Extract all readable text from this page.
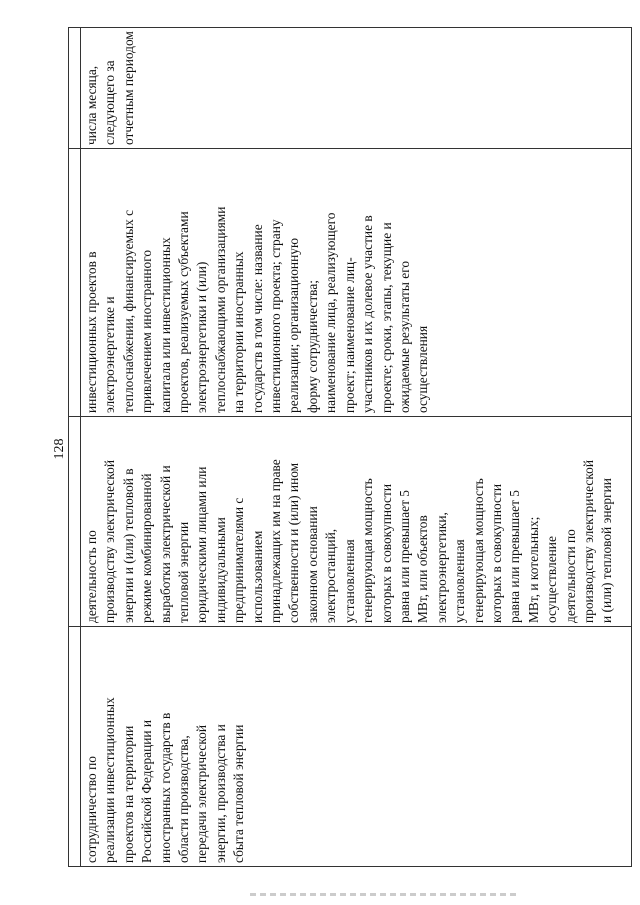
128
сотрудничество по
реализации инвестиционных
проектов на территории
Российской Федерации и
иностранных государств в
области производства,
передачи электрической
энергии, производства и
сбыта тепловой энергии
деятельность по
производству электрической
энергии и (или) тепловой в
режиме комбинированной
выработки электрической и
тепловой энергии
юридическими лицами или
индивидуальными
предпринимателями с
использованием
принадлежащих им на праве
собственности и (или) ином
законном основании
электростанций,
установленная
генерирующая мощность
которых в совокупности
равна или превышает 5
МВт, или объектов
электроэнергетики,
установленная
генерирующая мощность
которых в совокупности
равна или превышает 5
МВт, и котельных;
осуществление
деятельности по
производству электрической
и (или) тепловой энергии
инвестиционных проектов в
электроэнергетике и
теплоснабжении, финансируемых с
привлечением иностранного
капитала или инвестиционных
проектов, реализуемых субъектами
электроэнергетики и (или)
теплоснабжающими организациями
на территории иностранных
государств в том числе: название
инвестиционного проекта; страну
реализации; организационную
форму сотрудничества;
наименование лица, реализующего
проект; наименование лиц-
участников и их долевое участие в
проекте; сроки, этапы, текущие и
ожидаемые результаты его
осуществления
числа месяца,
следующего за
отчетным периодом
